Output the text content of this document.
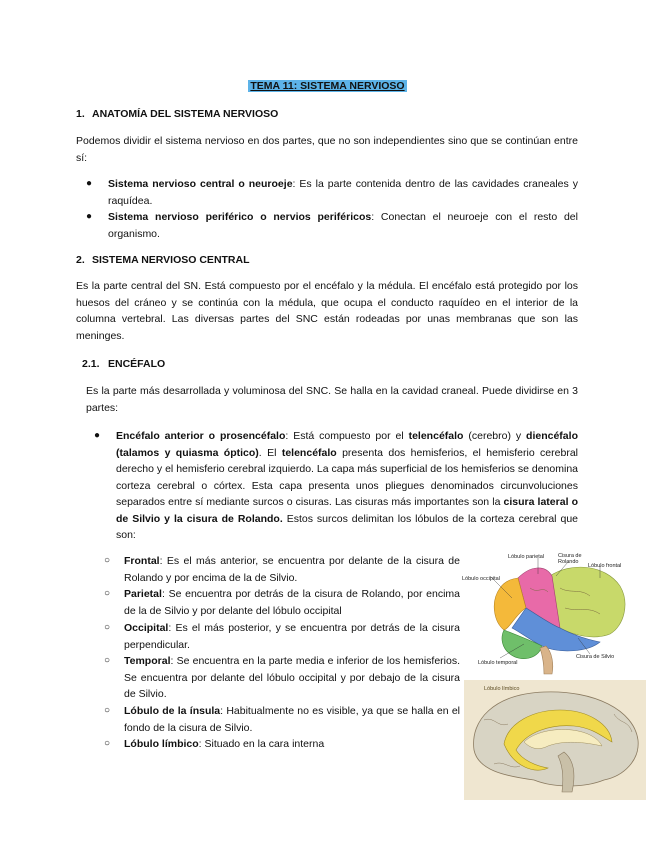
TEMA 11: SISTEMA NERVIOSO
1. ANATOMÍA DEL SISTEMA NERVIOSO
Podemos dividir el sistema nervioso en dos partes, que no son independientes sino que se continúan entre sí:
● Sistema nervioso central o neuroeje: Es la parte contenida dentro de las cavidades craneales y raquídea.
● Sistema nervioso periférico o nervios periféricos: Conectan el neuroeje con el resto del organismo.
2. SISTEMA NERVIOSO CENTRAL
Es la parte central del SN. Está compuesto por el encéfalo y la médula. El encéfalo está protegido por los huesos del cráneo y se continúa con la médula, que ocupa el conducto raquídeo en el interior de la columna vertebral. Las diversas partes del SNC están rodeadas por unas membranas que son las meninges.
2.1. ENCÉFALO
Es la parte más desarrollada y voluminosa del SNC. Se halla en la cavidad craneal. Puede dividirse en 3 partes:
● Encéfalo anterior o prosencéfalo: Está compuesto por el telencéfalo (cerebro) y diencéfalo (talamos y quiasma óptico). El telencéfalo presenta dos hemisferios, el hemisferio cerebral derecho y el hemisferio cerebral izquierdo. La capa más superficial de los hemisferios se denomina corteza cerebral o córtex. Esta capa presenta unos pliegues denominados circunvoluciones separados entre sí mediante surcos o cisuras. Las cisuras más importantes son la cisura lateral o de Silvio y la cisura de Rolando. Estos surcos delimitan los lóbulos de la corteza cerebral que son:
○ Frontal: Es el más anterior, se encuentra por delante de la cisura de Rolando y por encima de la de Silvio.
○ Parietal: Se encuentra por detrás de la cisura de Rolando, por encima de la de Silvio y por delante del lóbulo occipital
○ Occipital: Es el más posterior, y se encuentra por detrás de la cisura perpendicular.
○ Temporal: Se encuentra en la parte media e inferior de los hemisferios. Se encuentra por delante del lóbulo occipital y por debajo de la cisura de Silvio.
○ Lóbulo de la ínsula: Habitualmente no es visible, ya que se halla en el fondo de la cisura de Silvio.
○ Lóbulo límbico: Situado en la cara interna
Lóbulo parietal	Cisura de Rolando
Lóbulo frontal
Lóbulo occipital
Lóbulo temporal
Cisura de Silvio
Lóbulo límbico
